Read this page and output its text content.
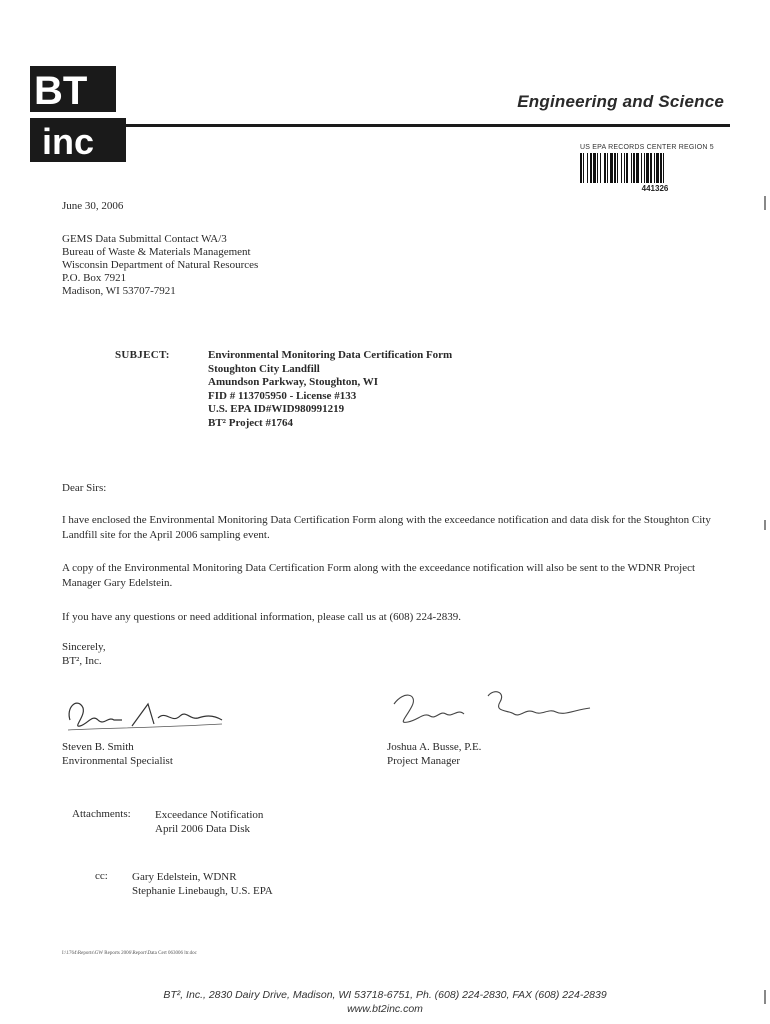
BT 2
inc
Engineering and Science
US EPA RECORDS CENTER REGION 5
441326
June 30, 2006
GEMS Data Submittal Contact WA/3
Bureau of Waste & Materials Management
Wisconsin Department of Natural Resources
P.O. Box 7921
Madison, WI 53707-7921
SUBJECT:	Environmental Monitoring Data Certification Form
Stoughton City Landfill
Amundson Parkway, Stoughton, WI
FID # 113705950 - License #133
U.S. EPA ID#WID980991219
BT² Project #1764
Dear Sirs:
I have enclosed the Environmental Monitoring Data Certification Form along with the exceedance notification and data disk for the Stoughton City Landfill site for the April 2006 sampling event.
A copy of the Environmental Monitoring Data Certification Form along with the exceedance notification will also be sent to the WDNR Project Manager Gary Edelstein.
If you have any questions or need additional information, please call us at (608) 224-2839.
Sincerely,
BT², Inc.
Steven B. Smith
Environmental Specialist
Joshua A. Busse, P.E.
Project Manager
Attachments: Exceedance Notification
April 2006 Data Disk
cc: Gary Edelstein, WDNR
Stephanie Linebaugh, U.S. EPA
I:\1764\Reports\GW Reports 2006\Report\Data Cert 063006 ltr.doc
BT², Inc., 2830 Dairy Drive, Madison, WI 53718-6751, Ph. (608) 224-2830, FAX (608) 224-2839
www.bt2inc.com
